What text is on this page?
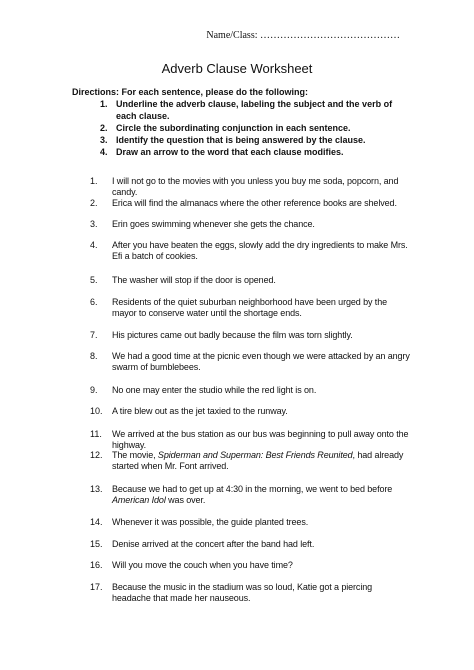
Name/Class: ……………………………………
Adverb Clause Worksheet
Directions: For each sentence, please do the following:
1. Underline the adverb clause, labeling the subject and the verb of each clause.
2. Circle the subordinating conjunction in each sentence.
3. Identify the question that is being answered by the clause.
4. Draw an arrow to the word that each clause modifies.
1.	I will not go to the movies with you unless you buy me soda, popcorn, and candy.
2.	Erica will find the almanacs where the other reference books are shelved.
3.	Erin goes swimming whenever she gets the chance.
4.	After you have beaten the eggs, slowly add the dry ingredients to make Mrs. Efi a batch of cookies.
5.	The washer will stop if the door is opened.
6.	Residents of the quiet suburban neighborhood have been urged by the mayor to conserve water until the shortage ends.
7.	His pictures came out badly because the film was torn slightly.
8.	We had a good time at the picnic even though we were attacked by an angry swarm of bumblebees.
9.	No one may enter the studio while the red light is on.
10.	A tire blew out as the jet taxied to the runway.
11.	We arrived at the bus station as our bus was beginning to pull away onto the highway.
12.	The movie, Spiderman and Superman: Best Friends Reunited, had already started when Mr. Font arrived.
13.	Because we had to get up at 4:30 in the morning, we went to bed before American Idol was over.
14.	Whenever it was possible, the guide planted trees.
15.	Denise arrived at the concert after the band had left.
16.	Will you move the couch when you have time?
17.	Because the music in the stadium was so loud, Katie got a piercing headache that made her nauseous.
